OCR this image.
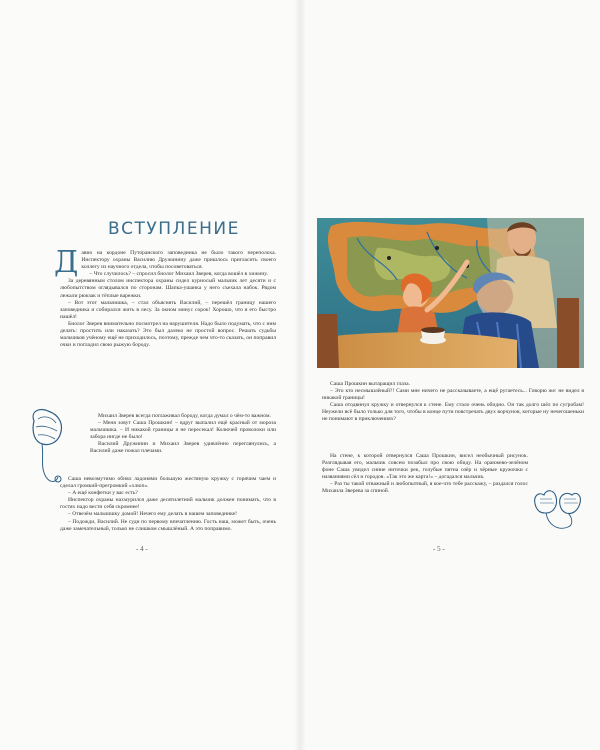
ВСТУПЛЕНИЕ

Давно на кордоне Путоранского заповедника не было такого переполоха. Инспектору охраны Василию Дружинину даже пришлось пригласить своего коллегу из научного отдела, чтобы посоветоваться.

– Что случилось? – спросил биолог Михаил Зверев, когда вошёл в хижину.

За деревянным столом инспектора охраны сидел курносый мальчик лет десяти и с любопытством оглядывался по сторонам. Шапка-ушанка у него съехала набок. Рядом лежали рюкзак и тёплые варежки.

– Вот этот мальчишка, – стал объяснять Василий, – перешёл границу нашего заповедника и собирался жить в лесу. За окном минус сорок! Хорошо, что я его быстро нашёл!

Биолог Зверев внимательно посмотрел на нарушителя. Надо было подумать, что с ним делать: простить или наказать? Это был далеко не простой вопрос. Решать судьбы мальчиков учёному ещё не приходилось, поэтому, прежде чем что-то сказать, он поправил очки и погладил свою рыжую бороду.

Михаил Зверев всегда поглаживал бороду, когда думал о чём-то важном.

– Меня зовут Саша Прошкин! – вдруг выпалил ещё красный от мороза мальчишка. – И никакой границы я не пересекал! Колючей проволоки или забора нигде не было!

Василий Дружинин и Михаил Зверев удивлённо переглянулись, а Василий даже пожал плечами.

Саша невозмутимо обнял ладонями большую жестяную кружку с горячим чаем и сделал громкий-прегромкий «хлюп».

– А ещё конфетки у вас есть?

Инспектор охраны нахмурился даже десятилетний мальчик должен понимать, что в гостях надо вести себя скромнее!

– Отвезём мальчишку домой! Нечего ему делать в нашем заповеднике!

– Подожди, Василий. Не суди по первому впечатлению. Гость наш, может быть, очень даже замечательный, только не слишком смышлёный. А это поправимо.

- 4 -

Саша Прошкин вытаращил глаза.

– Это кто несмышлёный?! Сами мне ничего не рассказываете, а ещё ругаетесь... Говорю же: не видел я никакой границы!

Саша отодвинул кружку и отвернулся к стене. Ему стало очень обидно. Он так долго шёл по сугробам! Неужели всё было только для того, чтобы в конце пути повстречать двух ворчунов, которые ну нечегошеньки не понимают в приключениях?

На стене, к которой отвернулся Саша Прошкин, висел необычный рисунок. Разглядывая его, мальчик совсем позабыл про свою обиду. На оранжево-зелёном фоне Саша увидел синие ниточки рек, голубые пятна озёр и чёрные кружочки с названиями сёл и городов. «Так это же карта!» – догадался мальчик.

– Раз ты такой отважный и любопытный, я кое-что тебе расскажу, – раздался голос Михаила Зверева за спиной.

- 5 -
